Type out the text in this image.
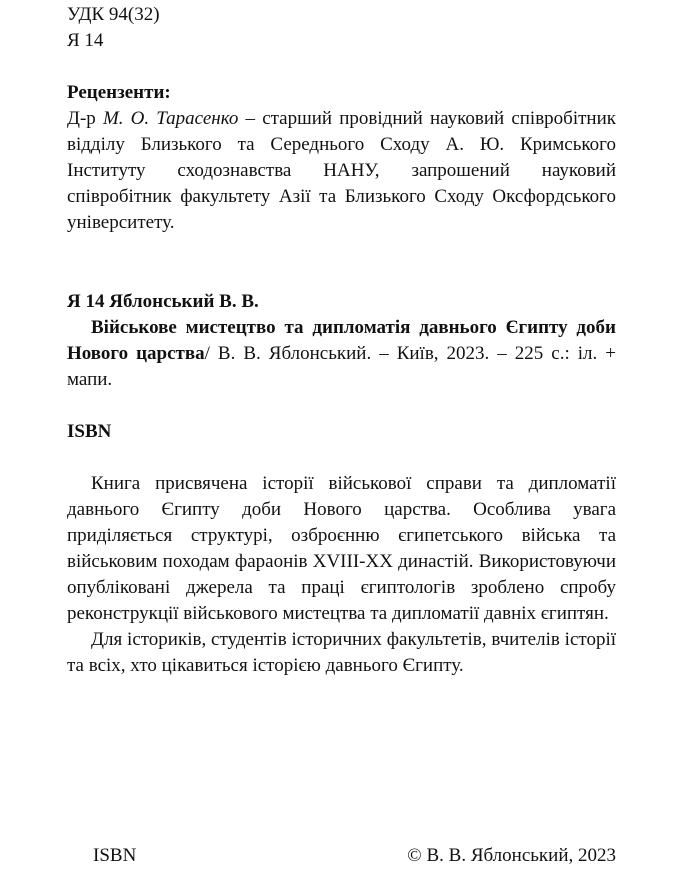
УДК 94(32)

Я 14

Рецензенти:

Д-р М. О. Тарасенко – старший провідний науковий співробітник відділу Близького та Середнього Сходу А. Ю. Кримського Інституту сходознавства НАНУ, запрошений науковий співробітник факультету Азії та Близького Сходу Оксфордського університету.

Я 14 Яблонський В. В.

Військове мистецтво та дипломатія давнього Єгипту доби Нового царства/ В. В. Яблонський. – Київ, 2023. – 225 с.: іл. + мапи.

ISBN

Книга присвячена історії військової справи та дипломатії давнього Єгипту доби Нового царства. Особлива увага приділяється структурі, озброєнню єгипетського війська та військовим походам фараонів XVIII-XX династій. Використовуючи опубліковані джерела та праці єгиптологів зроблено спробу реконструкції військового мистецтва та дипломатії давніх єгиптян.

Для істориків, студентів історичних факультетів, вчителів історії та всіх, хто цікавиться історією давнього Єгипту.

ISBN	© В. В. Яблонський, 2023
